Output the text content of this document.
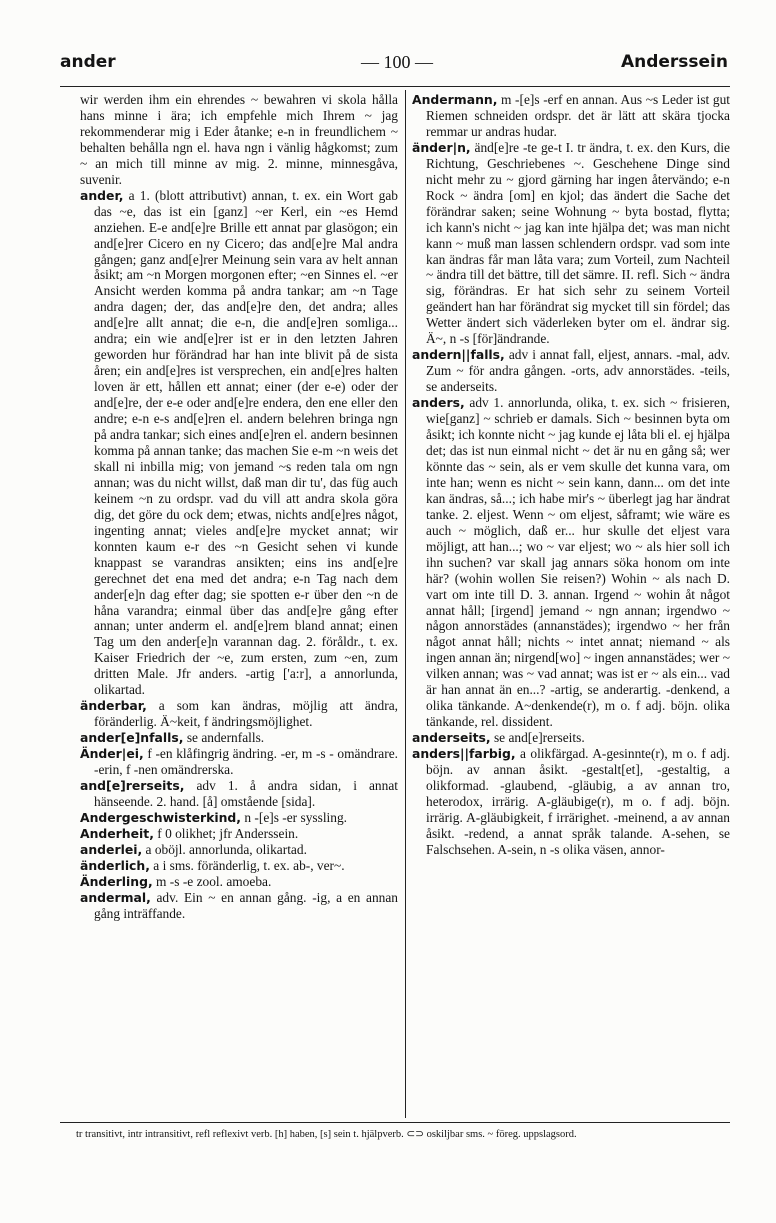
ander	— 100 —	Anderssein

wir werden ihm ein ehrendes ~ bewahren vi skola hålla hans minne i ära; ich empfehle mich Ihrem ~ jag rekommenderar mig i Eder åtanke; e-n in freundlichem ~ behalten behålla ngn el. hava ngn i vänlig hågkomst; zum ~ an mich till minne av mig. 2. minne, minnesgåva, suvenir.

ander, a 1. (blott attributivt) annan, t. ex. ein Wort gab das ~e, das ist ein [ganz] ~er Kerl, ein ~es Hemd anziehen. E-e and[e]re Brille ett annat par glasögon; ein and[e]rer Cicero en ny Cicero; das and[e]re Mal andra gången; ganz and[e]rer Meinung sein vara av helt annan åsikt; am ~n Morgen morgonen efter; ~en Sinnes el. ~er Ansicht werden komma på andra tankar; am ~n Tage andra dagen; der, das and[e]re den, det andra; alles and[e]re allt annat; die e-n, die and[e]ren somliga... andra; ein wie and[e]rer ist er in den letzten Jahren geworden hur förändrad har han inte blivit på de sista åren; ein and[e]res ist versprechen, ein and[e]res halten loven är ett, hållen ett annat; einer (der e-e) oder der and[e]re, der e-e oder and[e]re endera, den ene eller den andre; e-n e-s and[e]ren el. andern belehren bringa ngn på andra tankar; sich eines and[e]ren el. andern besinnen komma på annan tanke; das machen Sie e-m ~n weis det skall ni inbilla mig; von jemand ~s reden tala om ngn annan; was du nicht willst, daß man dir tu', das füg auch keinem ~n zu ordspr. vad du vill att andra skola göra dig, det göre du ock dem; etwas, nichts and[e]res något, ingenting annat; vieles and[e]re mycket annat; wir konnten kaum e-r des ~n Gesicht sehen vi kunde knappast se varandras ansikten; eins ins and[e]re gerechnet det ena med det andra; e-n Tag nach dem ander[e]n dag efter dag; sie spotten e-r über den ~n de håna varandra; einmal über das and[e]re gång efter annan; unter anderm el. and[e]rem bland annat; einen Tag um den ander[e]n varannan dag. 2. föråldr., t. ex. Kaiser Friedrich der ~e, zum ersten, zum ~en, zum dritten Male. Jfr anders. -artig ['a:r], a annorlunda, olikartad.

änderbar, a som kan ändras, möjlig att ändra, föränderlig. Ä~keit, f ändringsmöjlighet.

ander[e]nfalls, se andernfalls.

Änder|ei, f -en klåfingrig ändring. -er, m -s - omändrare. -erin, f -nen omändrerska.

and[e]rerseits, adv 1. å andra sidan, i annat hänseende. 2. hand. [å] omstående [sida].

Andergeschwisterkind, n -[e]s -er syssling.

Anderheit, f 0 olikhet; jfr Anderssein.

anderlei, a oböjl. annorlunda, olikartad.

änderlich, a i sms. föränderlig, t. ex. ab-, ver~.

Änderling, m -s -e zool. amoeba.

andermal, adv. Ein ~ en annan gång. -ig, a en annan gång inträffande.

Andermann, m -[e]s -erf en annan. Aus ~s Leder ist gut Riemen schneiden ordspr. det är lätt att skära tjocka remmar ur andras hudar.

änder|n, änd[e]re -te ge-t I. tr ändra, t. ex. den Kurs, die Richtung, Geschriebenes ~. Geschehene Dinge sind nicht mehr zu ~ gjord gärning har ingen återvändo; e-n Rock ~ ändra [om] en kjol; das ändert die Sache det förändrar saken; seine Wohnung ~ byta bostad, flytta; ich kann's nicht ~ jag kan inte hjälpa det; was man nicht kann ~ muß man lassen schlendern ordspr. vad som inte kan ändras får man låta vara; zum Vorteil, zum Nachteil ~ ändra till det bättre, till det sämre. II. refl. Sich ~ ändra sig, förändras. Er hat sich sehr zu seinem Vorteil geändert han har förändrat sig mycket till sin fördel; das Wetter ändert sich väderleken byter om el. ändrar sig. Ä~, n -s [för]ändrande.

andern||falls, adv i annat fall, eljest, annars. -mal, adv. Zum ~ för andra gången. -orts, adv annorstädes. -teils, se anderseits.

anders, adv 1. annorlunda, olika, t. ex. sich ~ frisieren, wie[ganz] ~ schrieb er damals. Sich ~ besinnen byta om åsikt; ich konnte nicht ~ jag kunde ej låta bli el. ej hjälpa det; das ist nun einmal nicht ~ det är nu en gång så; wer könnte das ~ sein, als er vem skulle det kunna vara, om inte han; wenn es nicht ~ sein kann, dann... om det inte kan ändras, så...; ich habe mir's ~ überlegt jag har ändrat tanke. 2. eljest. Wenn ~ om eljest, såframt; wie wäre es auch ~ möglich, daß er... hur skulle det eljest vara möjligt, att han...; wo ~ var eljest; wo ~ als hier soll ich ihn suchen? var skall jag annars söka honom om inte här? (wohin wollen Sie reisen?) Wohin ~ als nach D. vart om inte till D. 3. annan. Irgend ~ wohin åt något annat håll; [irgend] jemand ~ ngn annan; irgendwo ~ någon annorstädes (annanstädes); irgendwo ~ her från något annat håll; nichts ~ intet annat; niemand ~ als ingen annan än; nirgend[wo] ~ ingen annanstädes; wer ~ vilken annan; was ~ vad annat; was ist er ~ als ein... vad är han annat än en...? -artig, se anderartig. -denkend, a olika tänkande. A~denkende(r), m o. f adj. böjn. olika tänkande, rel. dissident.

anderseits, se and[e]rerseits.

anders||farbig, a olikfärgad. A-gesinnte(r), m o. f adj. böjn. av annan åsikt. -gestalt[et], -gestaltig, a olikformad. -glaubend, -gläubig, a av annan tro, heterodox, irrärig. A-gläubige(r), m o. f adj. böjn. irrärig. A-gläubigkeit, f irrärighet. -meinend, a av annan åsikt. -redend, a annat språk talande. A-sehen, se Falschsehen. A-sein, n -s olika väsen, annor-

tr transitivt, intr intransitivt, refl reflexivt verb. [h] haben, [s] sein t. hjälpverb. ⊂⊃ oskiljbar sms. ~ föreg. uppslagsord.
